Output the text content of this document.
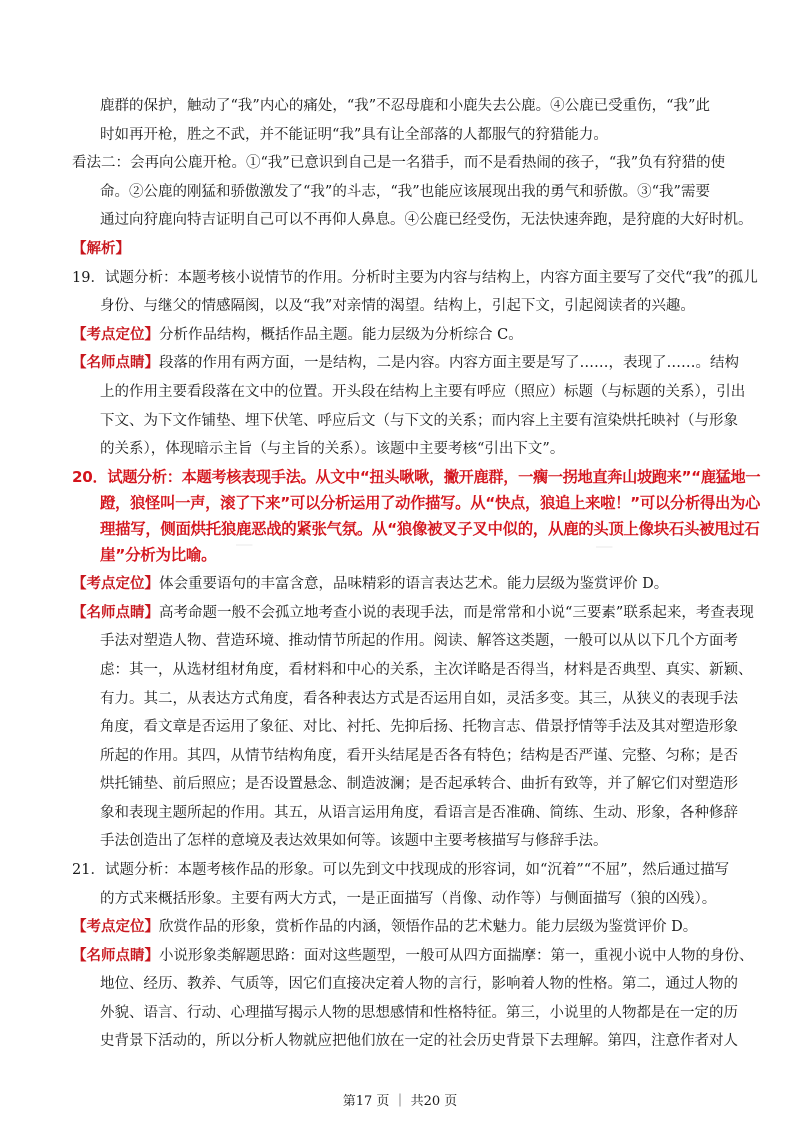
⎯⎯⎯	⎯⎯⎯
鹿群的保护，触动了“我”内心的痛处，“我”不忍母鹿和小鹿失去公鹿。④公鹿已受重伤，“我”此
时如再开枪，胜之不武，并不能证明“我”具有让全部落的人都服气的狩猎能力。
看法二：会再向公鹿开枪。①“我”已意识到自己是一名猎手，而不是看热闹的孩子，“我”负有狩猎的使
命。②公鹿的刚猛和骄傲激发了“我”的斗志，“我”也能应该展现出我的勇气和骄傲。③“我”需要
通过向狩鹿向特吉证明自己可以不再仰人鼻息。④公鹿已经受伤，无法快速奔跑，是狩鹿的大好时机。
【解析】
19．试题分析：本题考核小说情节的作用。分析时主要为内容与结构上，内容方面主要写了交代“我”的孤儿
身份、与继父的情感隔阂，以及“我”对亲情的渴望。结构上，引起下文，引起阅读者的兴趣。
【考点定位】分析作品结构，概括作品主题。能力层级为分析综合 C。
【名师点睛】段落的作用有两方面，一是结构，二是内容。内容方面主要是写了……，表现了……。结构
上的作用主要看段落在文中的位置。开头段在结构上主要有呼应（照应）标题（与标题的关系），引出
下文、为下文作铺垫、埋下伏笔、呼应后文（与下文的关系；而内容上主要有渲染烘托映衬（与形象
的关系），体现暗示主旨（与主旨的关系）。该题中主要考核“引出下文”。
20．试题分析：本题考核表现手法。从文中“扭头啾啾，撇开鹿群，一瘸一拐地直奔山坡跑来”“鹿猛地一
蹬，狼怪叫一声，滚了下来”可以分析运用了动作描写。从“快点，狼追上来啦！”可以分析得出为心
理描写，侧面烘托狼鹿恶战的紧张气氛。从“狼像被叉子叉中似的，从鹿的头顶上像块石头被甩过石
崖”分析为比喻。
【考点定位】体会重要语句的丰富含意，品味精彩的语言表达艺术。能力层级为鉴赏评价 D。
【名师点睛】高考命题一般不会孤立地考查小说的表现手法，而是常常和小说“三要素”联系起来，考查表现
手法对塑造人物、营造环境、推动情节所起的作用。阅读、解答这类题，一般可以从以下几个方面考
虑：其一，从选材组材角度，看材料和中心的关系，主次详略是否得当，材料是否典型、真实、新颖、
有力。其二，从表达方式角度，看各种表达方式是否运用自如，灵活多变。其三，从狭义的表现手法
角度，看文章是否运用了象征、对比、衬托、先抑后扬、托物言志、借景抒情等手法及其对塑造形象
所起的作用。其四，从情节结构角度，看开头结尾是否各有特色；结构是否严谨、完整、匀称；是否
烘托铺垫、前后照应；是否设置悬念、制造波澜；是否起承转合、曲折有致等，并了解它们对塑造形
象和表现主题所起的作用。其五，从语言运用角度，看语言是否准确、简练、生动、形象，各种修辞
手法创造出了怎样的意境及表达效果如何等。该题中主要考核描写与修辞手法。
21．试题分析：本题考核作品的形象。可以先到文中找现成的形容词，如“沉着”“不屈”，然后通过描写
的方式来概括形象。主要有两大方式，一是正面描写（肖像、动作等）与侧面描写（狼的凶残）。
【考点定位】欣赏作品的形象，赏析作品的内涵，领悟作品的艺术魅力。能力层级为鉴赏评价 D。
【名师点睛】小说形象类解题思路：面对这些题型，一般可从四方面揣摩：第一，重视小说中人物的身份、
地位、经历、教养、气质等，因它们直接决定着人物的言行，影响着人物的性格。第二，通过人物的
外貌、语言、行动、心理描写揭示人物的思想感情和性格特征。第三，小说里的人物都是在一定的历
史背景下活动的，所以分析人物就应把他们放在一定的社会历史背景下去理解。第四，注意作者对人
第17 页 ｜ 共20 页
